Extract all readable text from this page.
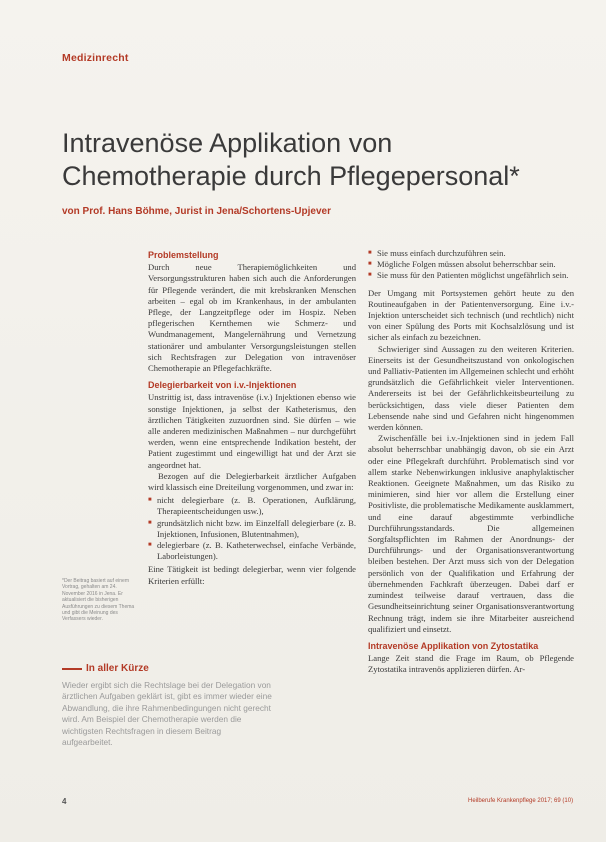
Medizinrecht
Intravenöse Applikation von
Chemotherapie durch Pflegepersonal*
von Prof. Hans Böhme, Jurist in Jena/Schortens-Upjever
Problemstellung

Durch neue Therapiemöglichkeiten und Versorgungsstrukturen haben sich auch die Anforderungen für Pflegende verändert, die mit krebskranken Menschen arbeiten – egal ob im Krankenhaus, in der ambulanten Pflege, der Langzeitpflege oder im Hospiz. Neben pflegerischen Kernthemen wie Schmerz- und Wundmanagement, Mangelernährung und Vernetzung stationärer und ambulanter Versorgungsleistungen stellen sich Rechtsfragen zur Delegation von intravenöser Chemotherapie an Pflegefachkräfte.

Delegierbarkeit von i.v.-Injektionen

Unstrittig ist, dass intravenöse (i.v.) Injektionen ebenso wie sonstige Injektionen, ja selbst der Katheterismus, den ärztlichen Tätigkeiten zuzuordnen sind. Sie dürfen – wie alle anderen medizinischen Maßnahmen – nur durchgeführt werden, wenn eine entsprechende Indikation besteht, der Patient zugestimmt und eingewilligt hat und der Arzt sie angeordnet hat.

Bezogen auf die Delegierbarkeit ärztlicher Aufgaben wird klassisch eine Dreiteilung vorgenommen, und zwar in:

■ nicht delegierbare (z. B. Operationen, Aufklärung, Therapieentscheidungen usw.),
■ grundsätzlich nicht bzw. im Einzelfall delegierbare (z. B. Injektionen, Infusionen, Blutentnahmen),
■ delegierbare (z. B. Katheterwechsel, einfache Verbände, Laborleistungen).

Eine Tätigkeit ist bedingt delegierbar, wenn vier folgende Kriterien erfüllt:

■ Sie muss einfach durchzuführen sein.
■ Mögliche Folgen müssen absolut beherrschbar sein.
■ Sie muss für den Patienten möglichst ungefährlich sein.

Der Umgang mit Portsystemen gehört heute zu den Routineaufgaben in der Patientenversorgung. Eine i.v.-Injektion unterscheidet sich technisch (und rechtlich) nicht von einer Spülung des Ports mit Kochsalzlösung und ist sicher als einfach zu bezeichnen.

Schwieriger sind Aussagen zu den weiteren Kriterien. Einerseits ist der Gesundheitszustand von onkologischen und Palliativ-Patienten im Allgemeinen schlecht und erhöht grundsätzlich die Gefährlichkeit vieler Interventionen. Andererseits ist bei der Gefährlichkeitsbeurteilung zu berücksichtigen, dass viele dieser Patienten dem Lebensende nahe sind und Gefahren nicht hingenommen werden können.

Zwischenfälle bei i.v.-Injektionen sind in jedem Fall absolut beherrschbar unabhängig davon, ob sie ein Arzt oder eine Pflegekraft durchführt. Problematisch sind vor allem starke Nebenwirkungen inklusive anaphylaktischer Reaktionen. Geeignete Maßnahmen, um das Risiko zu minimieren, sind hier vor allem die Erstellung einer Positivliste, die problematische Medikamente ausklammert, und eine darauf abgestimmte verbindliche Durchführungsstandards. Die allgemeinen Sorgfaltspflichten im Rahmen der Anordnungs- der Durchführungs- und der Organisationsverantwortung bleiben bestehen. Der Arzt muss sich von der Delegation persönlich von der Qualifikation und Erfahrung der übernehmenden Fachkraft überzeugen. Dabei darf er zumindest teilweise darauf vertrauen, dass die Gesundheitseinrichtung seiner Organisationsverantwortung Rechnung trägt, indem sie ihre Mitarbeiter ausreichend qualifiziert und einsetzt.

Intravenöse Applikation von Zytostatika

Lange Zeit stand die Frage im Raum, ob Pflegende Zytostatika intravenös applizieren dürfen. Ar-

*Der Beitrag basiert auf einem Vortrag, gehalten am 24. November 2016 in Jena. Er aktualisiert die bisherigen Ausführungen zu diesem Thema und gibt die Meinung des Verfassers wieder.
In aller Kürze
Wieder ergibt sich die Rechtslage bei der Delegation von ärztlichen Aufgaben geklärt ist, gibt es immer wieder eine Abwandlung, die ihre Rahmenbedingungen nicht gerecht wird. Am Beispiel der Chemotherapie werden die wichtigsten Rechtsfragen in diesem Beitrag aufgearbeitet.
4	Heilberufe Krankenpflege 2017; 69 (10)
